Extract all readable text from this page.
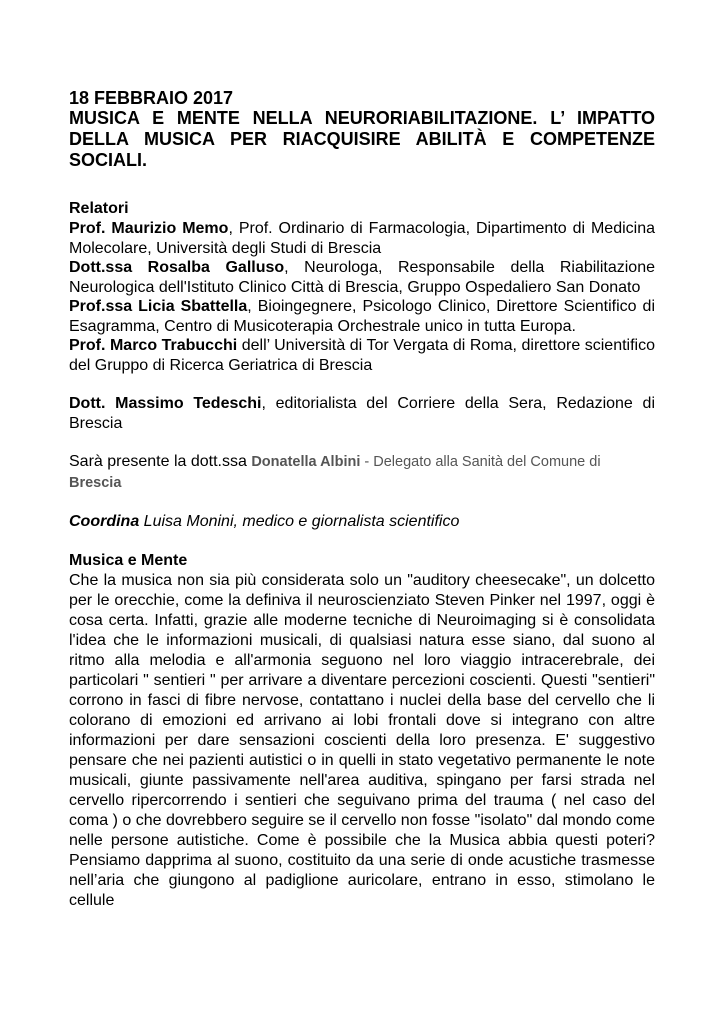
18 FEBBRAIO 2017
MUSICA E MENTE NELLA NEURORIABILITAZIONE. L’ IMPATTO DELLA MUSICA PER RIACQUISIRE ABILITÀ E COMPETENZE SOCIALI.
Relatori

Prof. Maurizio Memo, Prof. Ordinario di Farmacologia, Dipartimento di Medicina Molecolare, Università degli Studi di Brescia

Dott.ssa Rosalba Galluso, Neurologa, Responsabile della Riabilitazione Neurologica dell'Istituto Clinico Città di Brescia, Gruppo Ospedaliero San Donato

Prof.ssa Licia Sbattella, Bioingegnere, Psicologo Clinico, Direttore Scientifico di Esagramma, Centro di Musicoterapia Orchestrale unico in tutta Europa.

Prof. Marco Trabucchi dell’ Università di Tor Vergata di Roma, direttore scientifico del Gruppo di Ricerca Geriatrica di Brescia

Dott. Massimo Tedeschi, editorialista del Corriere della Sera, Redazione di Brescia

Sarà presente la dott.ssa Donatella Albini - Delegato alla Sanità del Comune di
Brescia

Coordina Luisa Monini, medico e giornalista scientifico

Musica e Mente
Che la musica non sia più considerata solo un "auditory cheesecake", un dolcetto per le orecchie, come la definiva il neuroscienziato Steven Pinker nel 1997, oggi è cosa certa. Infatti, grazie alle moderne tecniche di Neuroimaging si è consolidata l'idea che le informazioni musicali, di qualsiasi natura esse siano, dal suono al ritmo alla melodia e all'armonia seguono nel loro viaggio intracerebrale, dei particolari " sentieri " per arrivare a diventare percezioni coscienti. Questi "sentieri" corrono in fasci di fibre nervose, contattano i nuclei della base del cervello che li colorano di emozioni ed arrivano ai lobi frontali dove si integrano con altre informazioni per dare sensazioni coscienti della loro presenza. E' suggestivo pensare che nei pazienti autistici o in quelli in stato vegetativo permanente le note musicali, giunte passivamente nell'area auditiva, spingano per farsi strada nel cervello ripercorrendo i sentieri che seguivano prima del trauma ( nel caso del coma ) o che dovrebbero seguire se il cervello non fosse "isolato" dal mondo come nelle persone autistiche. Come è possibile che la Musica abbia questi poteri? Pensiamo dapprima al suono, costituito da una serie di onde acustiche trasmesse nell’aria che giungono al padiglione auricolare, entrano in esso, stimolano le cellule
